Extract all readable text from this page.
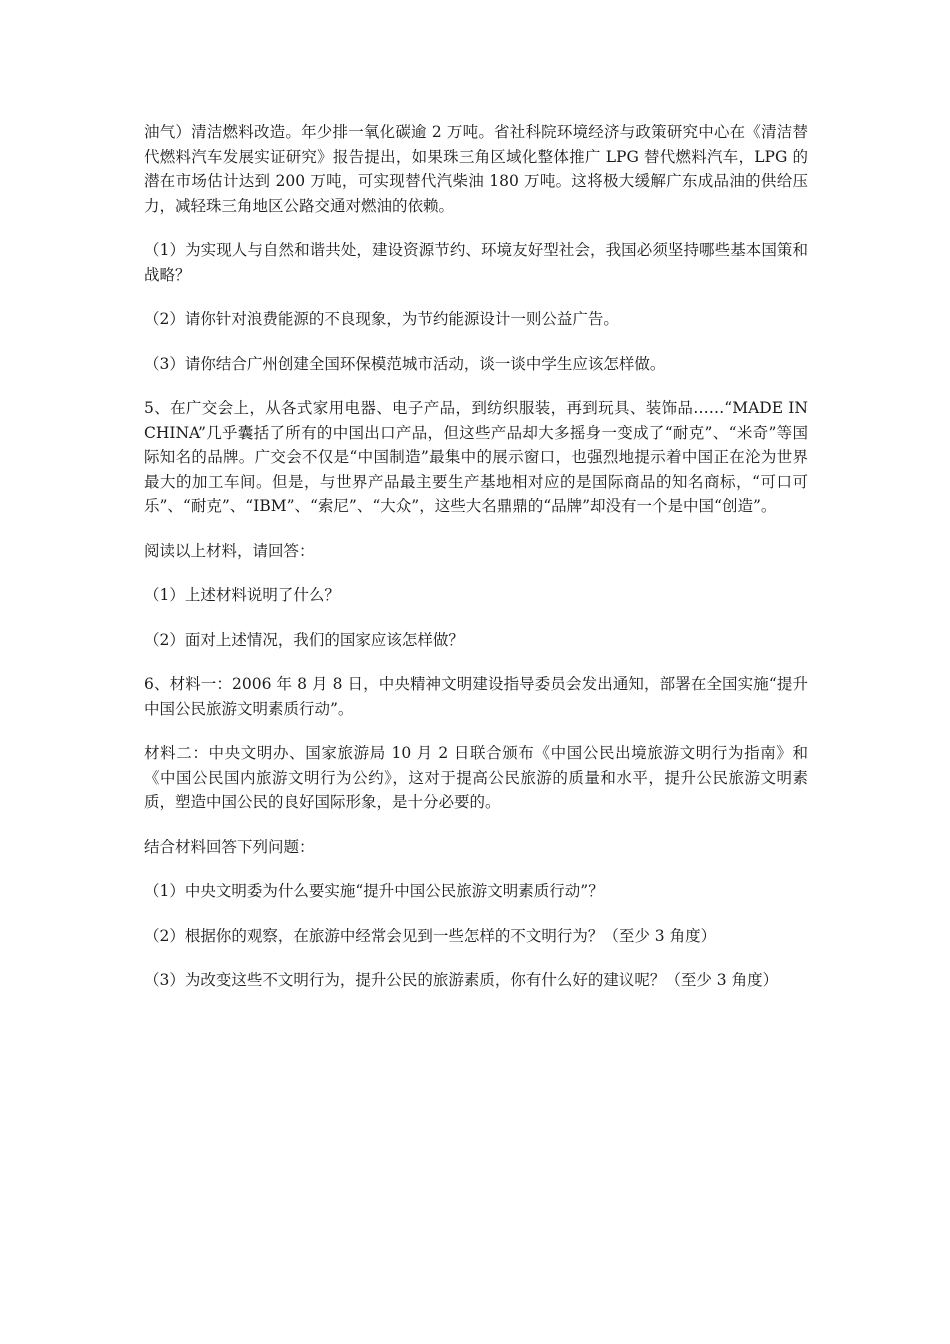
油气）清洁燃料改造。年少排一氧化碳逾 2 万吨。省社科院环境经济与政策研究中心在《清洁替代燃料汽车发展实证研究》报告提出，如果珠三角区域化整体推广 LPG 替代燃料汽车，LPG 的潜在市场估计达到 200 万吨，可实现替代汽柴油 180 万吨。这将极大缓解广东成品油的供给压力，减轻珠三角地区公路交通对燃油的依赖。

（1）为实现人与自然和谐共处，建设资源节约、环境友好型社会，我国必须坚持哪些基本国策和战略？

（2）请你针对浪费能源的不良现象，为节约能源设计一则公益广告。

（3）请你结合广州创建全国环保模范城市活动，谈一谈中学生应该怎样做。

5、在广交会上，从各式家用电器、电子产品，到纺织服装，再到玩具、装饰品……“MADE IN CHINA”几乎囊括了所有的中国出口产品，但这些产品却大多摇身一变成了“耐克”、“米奇”等国际知名的品牌。广交会不仅是“中国制造”最集中的展示窗口，也强烈地提示着中国正在沦为世界最大的加工车间。但是，与世界产品最主要生产基地相对应的是国际商品的知名商标，“可口可乐”、“耐克”、“IBM”、“索尼”、“大众”，这些大名鼎鼎的“品牌”却没有一个是中国“创造”。

阅读以上材料，请回答：

（1）上述材料说明了什么？

（2）面对上述情况，我们的国家应该怎样做？

6、材料一：2006 年 8 月 8 日，中央精神文明建设指导委员会发出通知，部署在全国实施“提升中国公民旅游文明素质行动”。

材料二：中央文明办、国家旅游局 10 月 2 日联合颁布《中国公民出境旅游文明行为指南》和《中国公民国内旅游文明行为公约》，这对于提高公民旅游的质量和水平，提升公民旅游文明素质，塑造中国公民的良好国际形象，是十分必要的。

结合材料回答下列问题：

（1）中央文明委为什么要实施“提升中国公民旅游文明素质行动”？

（2）根据你的观察，在旅游中经常会见到一些怎样的不文明行为？（至少 3 角度）

（3）为改变这些不文明行为，提升公民的旅游素质，你有什么好的建议呢？（至少 3 角度）
